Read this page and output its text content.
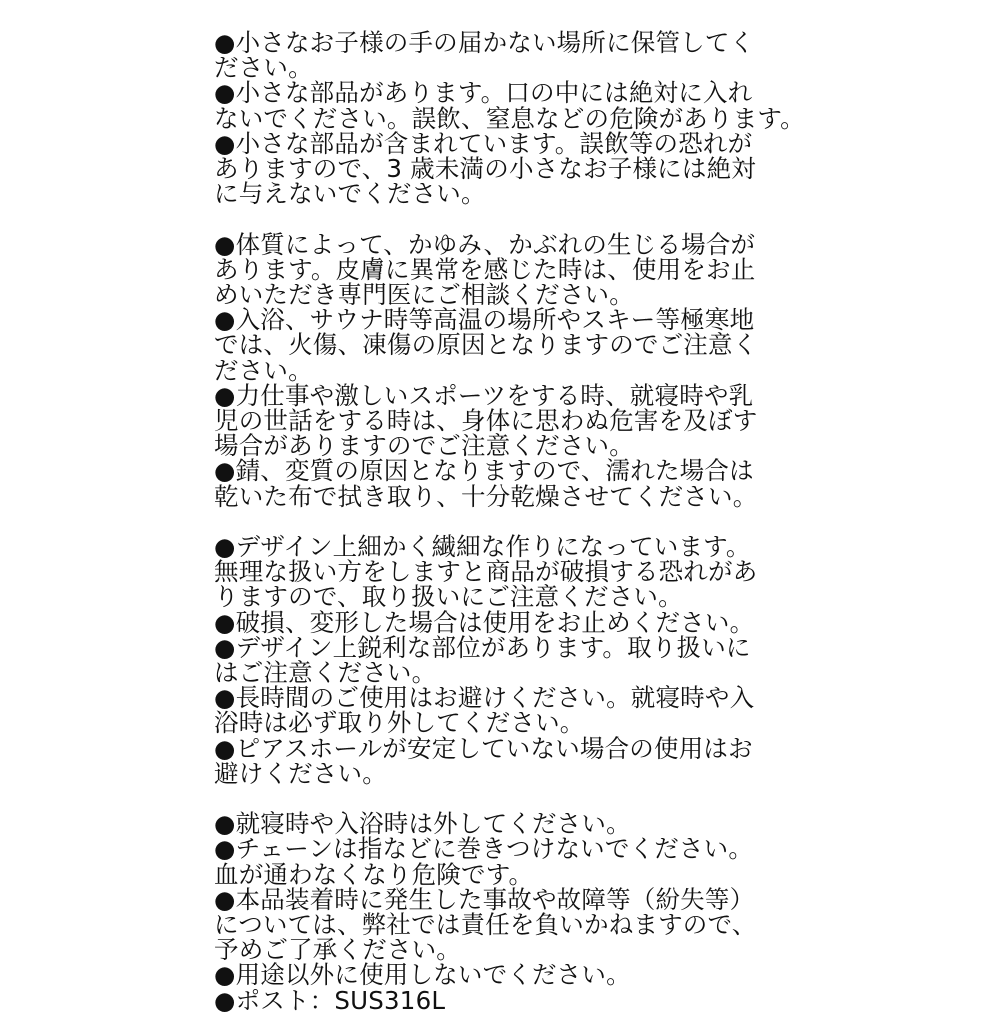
●小さなお子様の手の届かない場所に保管してく
ださい。
●小さな部品があります。口の中には絶対に入れ
ないでください。誤飲、窒息などの危険があります。
●小さな部品が含まれています。誤飲等の恐れが
ありますので、3 歳未満の小さなお子様には絶対
に与えないでください。
●体質によって、かゆみ、かぶれの生じる場合が
あります。皮膚に異常を感じた時は、使用をお止
めいただき専門医にご相談ください。
●入浴、サウナ時等高温の場所やスキー等極寒地
では、火傷、凍傷の原因となりますのでご注意く
ださい。
●力仕事や激しいスポーツをする時、就寝時や乳
児の世話をする時は、身体に思わぬ危害を及ぼす
場合がありますのでご注意ください。
●錆、変質の原因となりますので、濡れた場合は
乾いた布で拭き取り、十分乾燥させてください。
●デザイン上細かく繊細な作りになっています。
無理な扱い方をしますと商品が破損する恐れがあ
りますので、取り扱いにご注意ください。
●破損、変形した場合は使用をお止めください。
●デザイン上鋭利な部位があります。取り扱いに
はご注意ください。
●長時間のご使用はお避けください。就寝時や入
浴時は必ず取り外してください。
●ピアスホールが安定していない場合の使用はお
避けください。
●就寝時や入浴時は外してください。
●チェーンは指などに巻きつけないでください。
血が通わなくなり危険です。
●本品装着時に発生した事故や故障等（紛失等）
については、弊社では責任を負いかねますので、
予めご了承ください。
●用途以外に使用しないでください。
●ポスト：SUS316L
